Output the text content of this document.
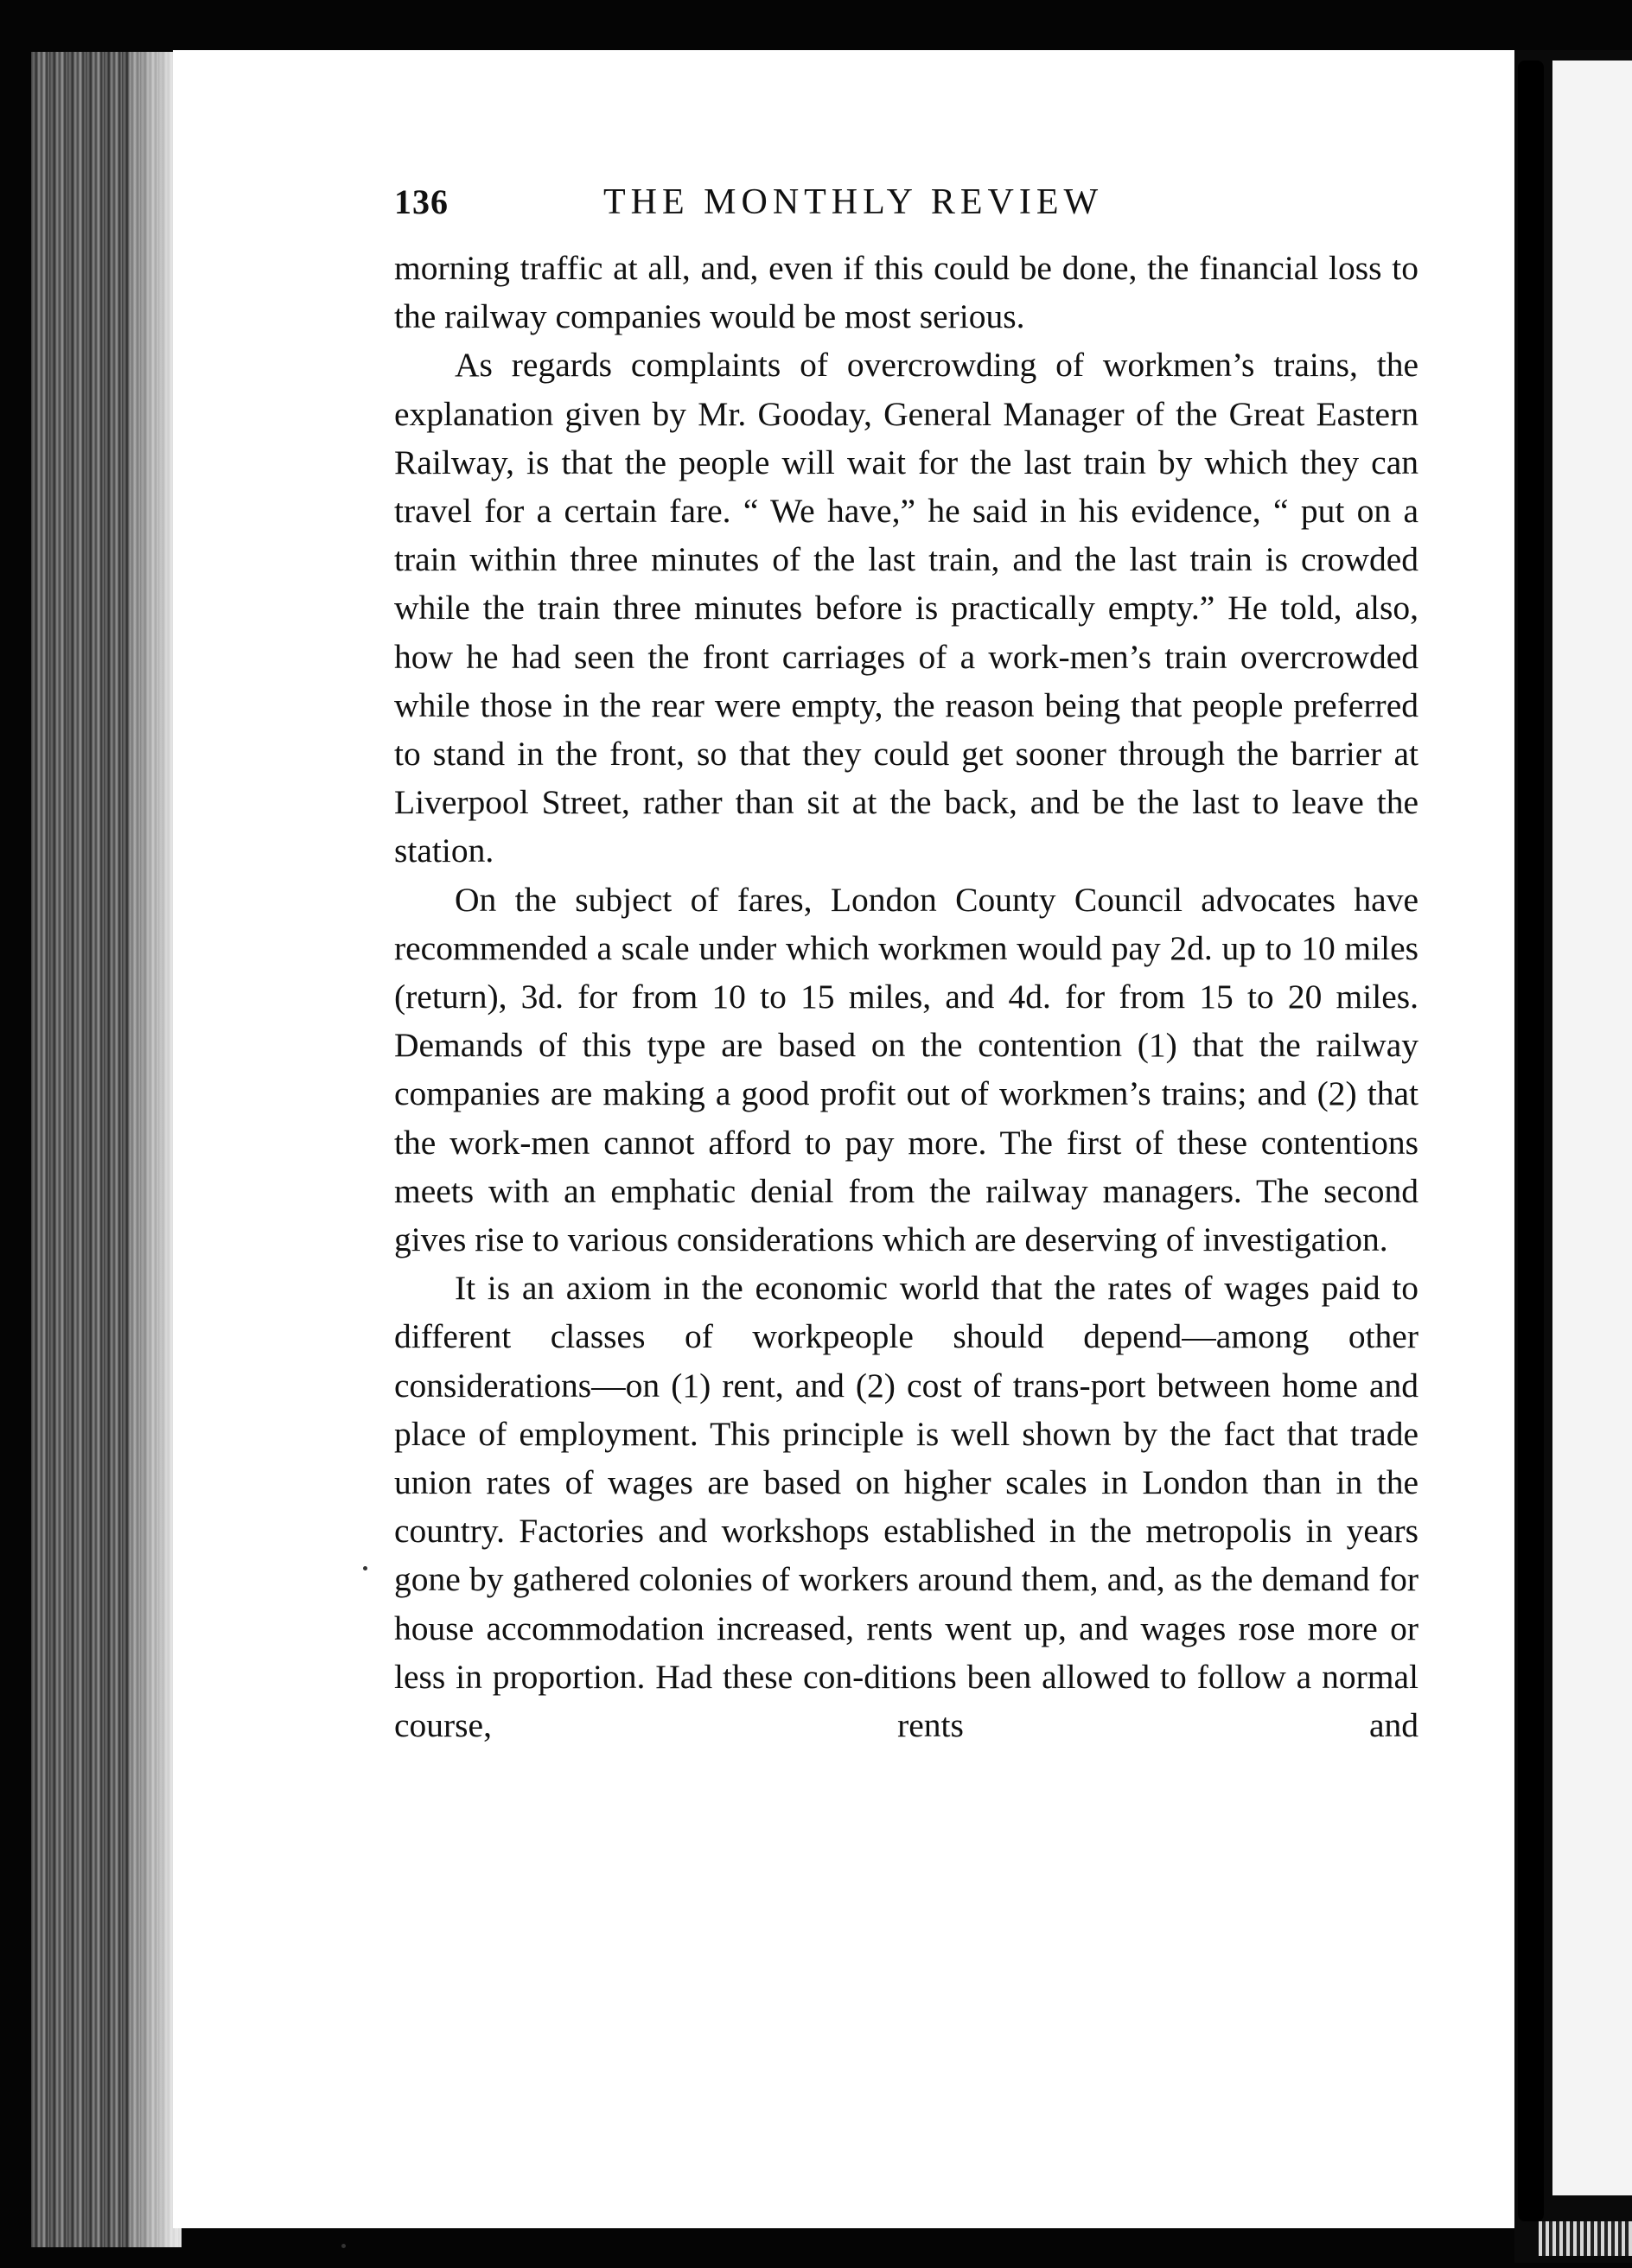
136	THE MONTHLY REVIEW

morning traffic at all, and, even if this could be done, the financial loss to the railway companies would be most serious.

As regards complaints of overcrowding of workmen’s trains, the explanation given by Mr. Gooday, General Manager of the Great Eastern Railway, is that the people will wait for the last train by which they can travel for a certain fare. “ We have,” he said in his evidence, “ put on a train within three minutes of the last train, and the last train is crowded while the train three minutes before is practically empty.” He told, also, how he had seen the front carriages of a work-men’s train overcrowded while those in the rear were empty, the reason being that people preferred to stand in the front, so that they could get sooner through the barrier at Liverpool Street, rather than sit at the back, and be the last to leave the station.

On the subject of fares, London County Council advocates have recommended a scale under which workmen would pay 2d. up to 10 miles (return), 3d. for from 10 to 15 miles, and 4d. for from 15 to 20 miles. Demands of this type are based on the contention (1) that the railway companies are making a good profit out of workmen’s trains; and (2) that the work-men cannot afford to pay more. The first of these contentions meets with an emphatic denial from the railway managers. The second gives rise to various considerations which are deserving of investigation.

It is an axiom in the economic world that the rates of wages paid to different classes of workpeople should depend—among other considerations—on (1) rent, and (2) cost of trans-port between home and place of employment. This principle is well shown by the fact that trade union rates of wages are based on higher scales in London than in the country. Factories and workshops established in the metropolis in years gone by gathered colonies of workers around them, and, as the demand for house accommodation increased, rents went up, and wages rose more or less in proportion. Had these con-ditions been allowed to follow a normal course, rents and
